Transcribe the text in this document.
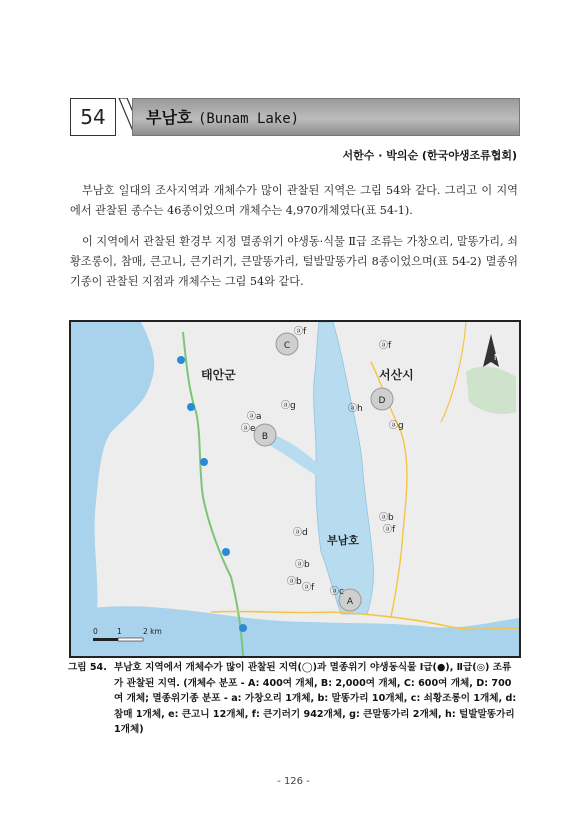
54	부남호 (Bunam Lake)
서한수 · 박의순 (한국야생조류협회)
부남호 일대의 조사지역과 개체수가 많이 관찰된 지역은 그림 54와 같다. 그리고 이 지역에서 관찰된 종수는 46종이었으며 개체수는 4,970개체였다(표 54-1).
이 지역에서 관찰된 환경부 지정 멸종위기 야생동·식물 Ⅱ급 조류는 가창오리, 말똥가리, 쇠황조롱이, 참매, 큰고니, 큰기러기, 큰말똥가리, 털발말똥가리 8종이었으며(표 54-2) 멸종위기종이 관찰된 지점과 개체수는 그림 54와 같다.
태안군	서산시
부남호
C
D
B
A
ⓐf
ⓐf
ⓐg
ⓐa
ⓐe
ⓐh
ⓐg
ⓐb
ⓐf
ⓐd
ⓐb
ⓐb
ⓐf ⓐc
N
0	1	2 km
그림 54. 부남호 지역에서 개체수가 많이 관찰된 지역(◯)과 멸종위기 야생동식물 Ⅰ급(●), Ⅱ급(◎) 조류가 관찰된 지역. (개체수 분포 - A: 400여 개체, B: 2,000여 개체, C: 600여 개체, D: 700여 개체; 멸종위기종 분포 - a: 가창오리 1개체, b: 말똥가리 10개체, c: 쇠황조롱이 1개체, d: 참매 1개체, e: 큰고니 12개체, f: 큰기러기 942개체, g: 큰말똥가리 2개체, h: 털발말똥가리 1개체)
- 126 -
